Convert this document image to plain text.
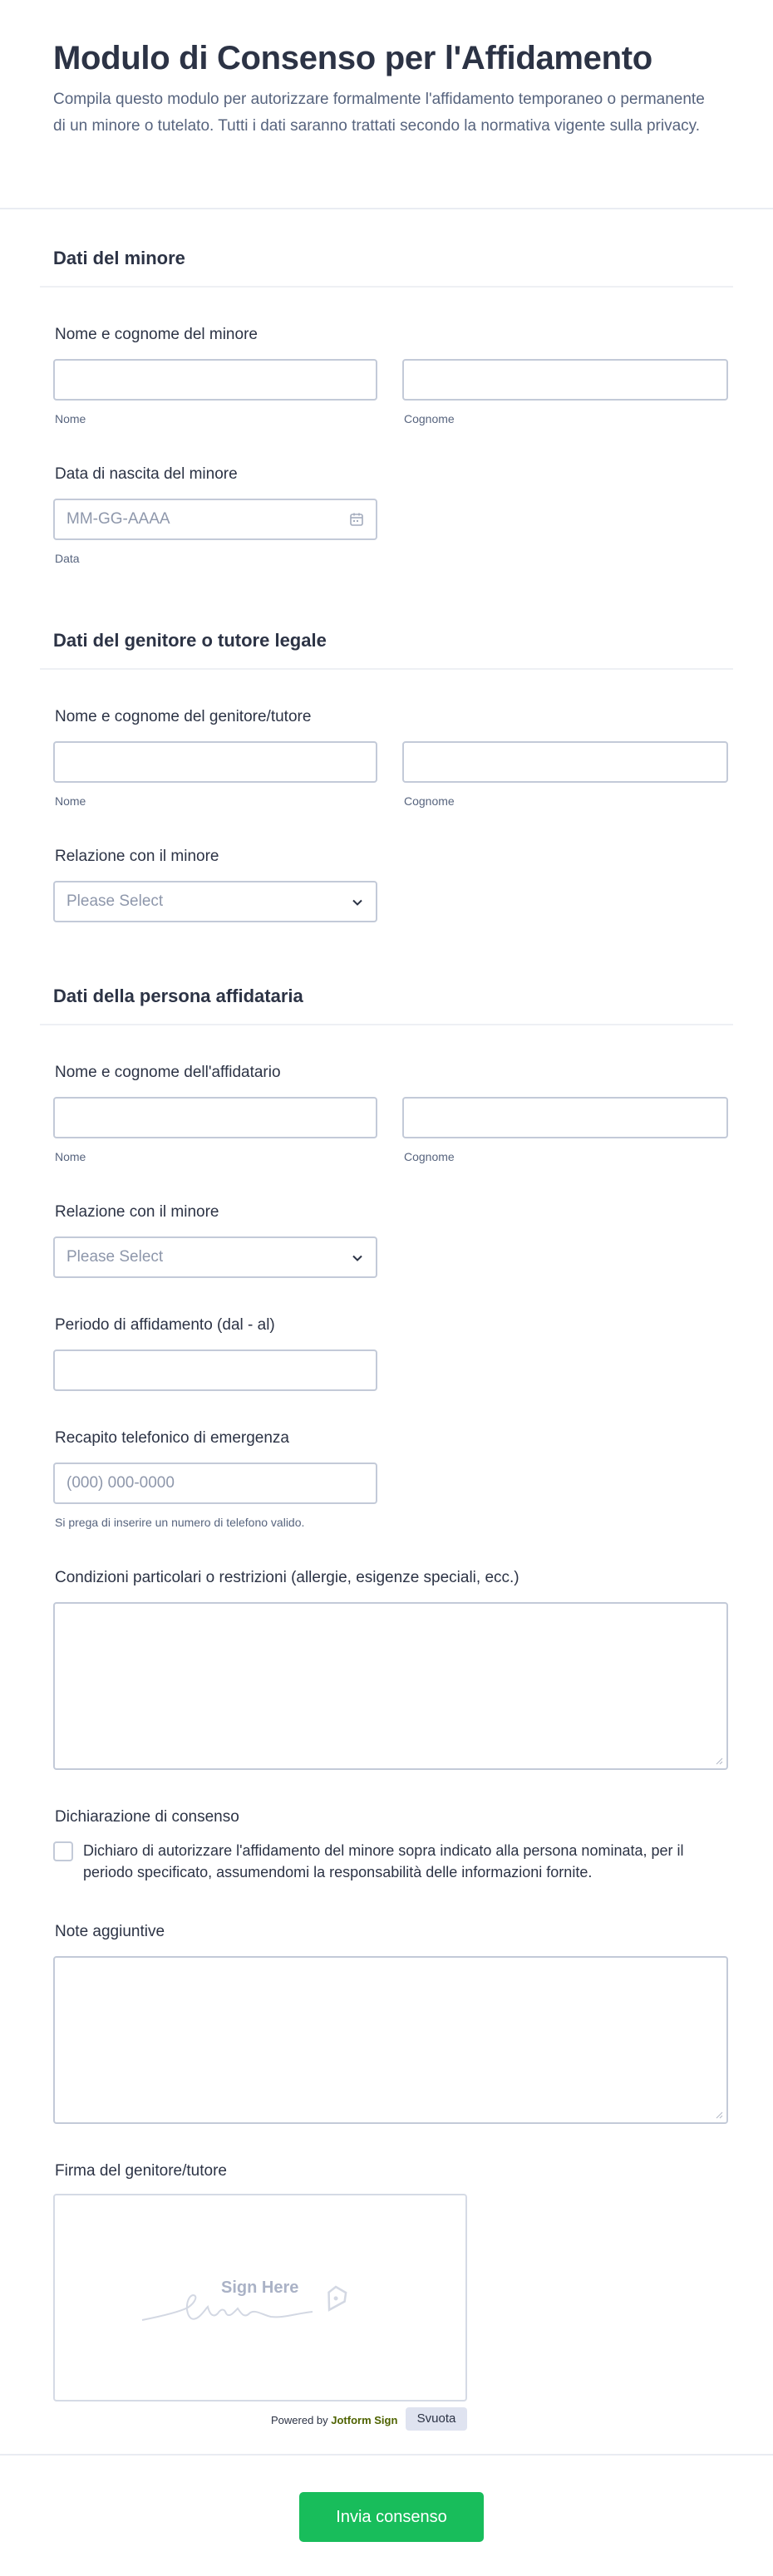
Modulo di Consenso per l'Affidamento

Compila questo modulo per autorizzare formalmente l'affidamento temporaneo o permanente di un minore o tutelato. Tutti i dati saranno trattati secondo la normativa vigente sulla privacy.

Dati del minore
Nome e cognome del minore
Nome	Cognome
Data di nascita del minore
MM-GG-AAAA
Data
Dati del genitore o tutore legale
Nome e cognome del genitore/tutore
Nome	Cognome
Relazione con il minore
Please Select
Dati della persona affidataria
Nome e cognome dell'affidatario
Nome	Cognome
Relazione con il minore
Please Select
Periodo di affidamento (dal - al)
Recapito telefonico di emergenza
(000) 000-0000
Si prega di inserire un numero di telefono valido.
Condizioni particolari o restrizioni (allergie, esigenze speciali, ecc.)
Dichiarazione di consenso
Dichiaro di autorizzare l'affidamento del minore sopra indicato alla persona nominata, per il periodo specificato, assumendomi la responsabilità delle informazioni fornite.
Note aggiuntive
Firma del genitore/tutore
Sign Here
Powered by Jotform Sign	Svuota
Invia consenso
